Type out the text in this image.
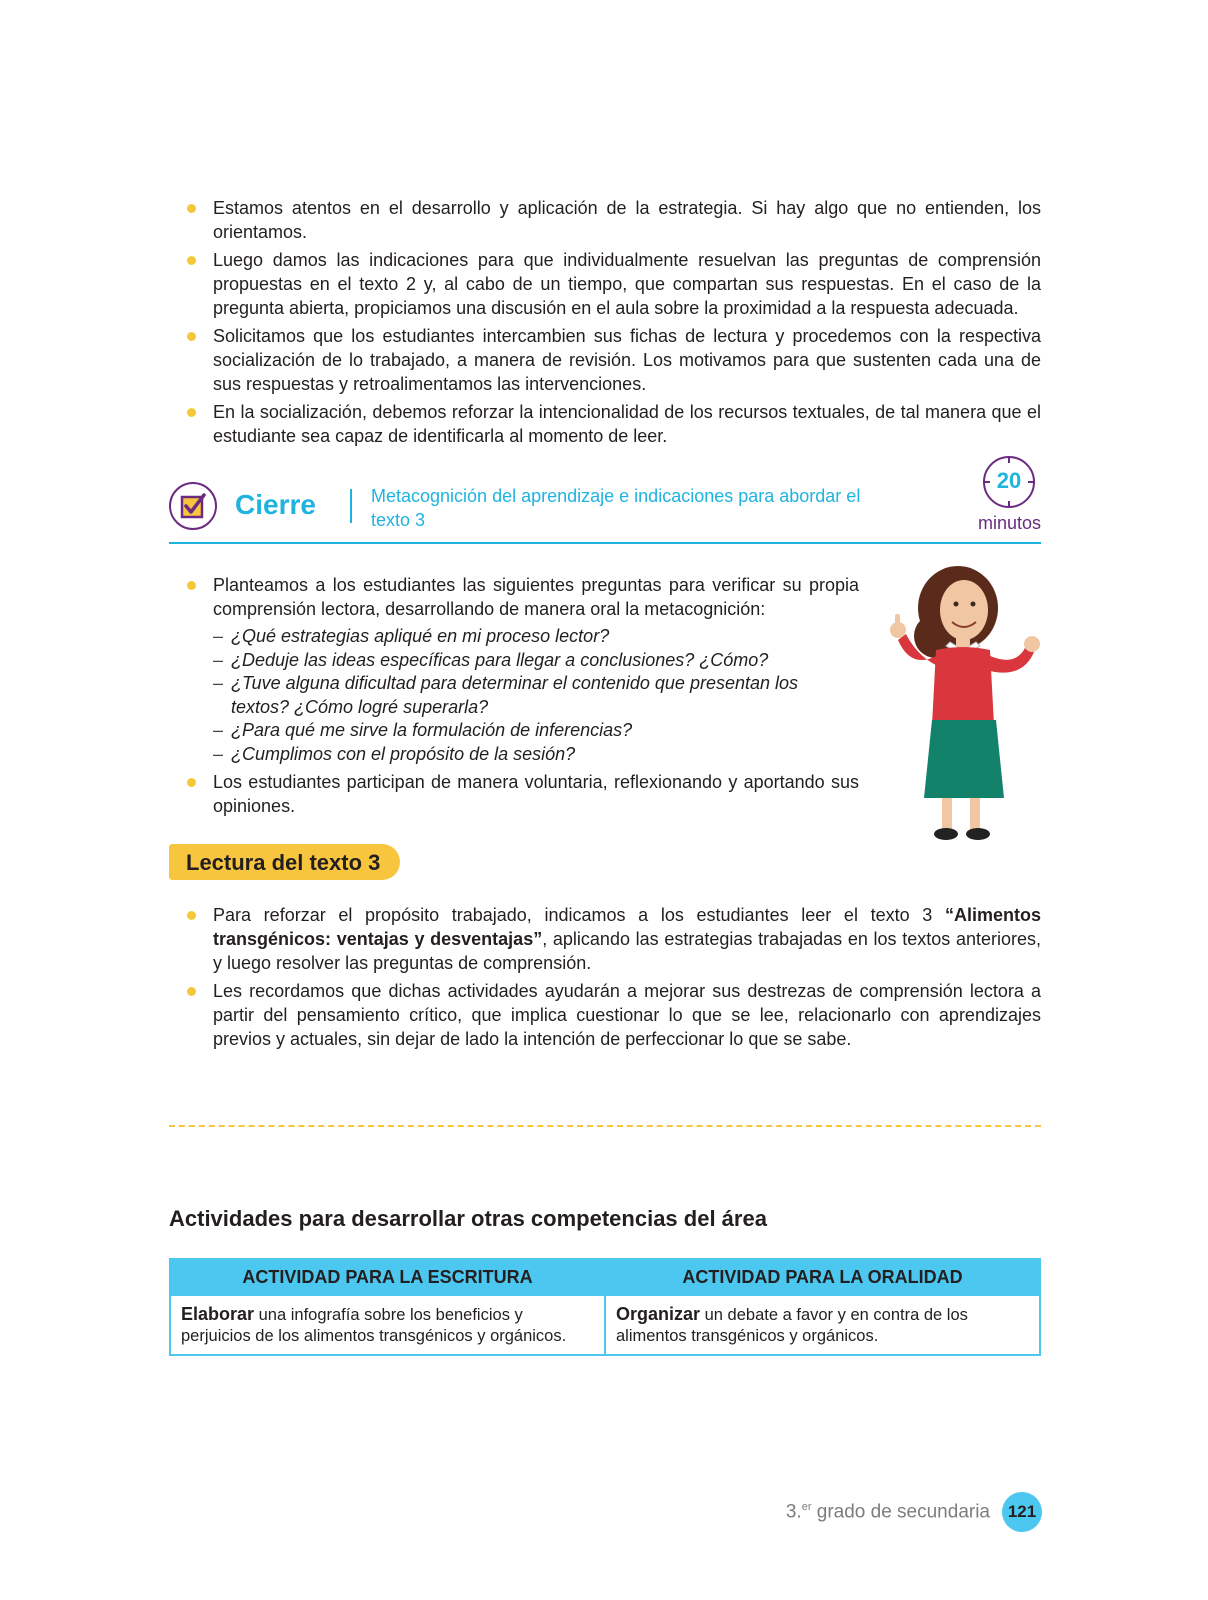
Estamos atentos en el desarrollo y aplicación de la estrategia. Si hay algo que no entienden, los orientamos.
Luego damos las indicaciones para que individualmente resuelvan las preguntas de comprensión propuestas en el texto 2 y, al cabo de un tiempo, que compartan sus respuestas. En el caso de la pregunta abierta, propiciamos una discusión en el aula sobre la proximidad a la respuesta adecuada.
Solicitamos que los estudiantes intercambien sus fichas de lectura y procedemos con la respectiva socialización de lo trabajado, a manera de revisión. Los motivamos para que sustenten cada una de sus respuestas y retroalimentamos las intervenciones.
En la socialización, debemos reforzar la intencionalidad de los recursos textuales, de tal manera que el estudiante sea capaz de identificarla al momento de leer.
Cierre	Metacognición del aprendizaje e indicaciones para abordar el texto 3
20
minutos
Planteamos a los estudiantes las siguientes preguntas para verificar su propia comprensión lectora, desarrollando de manera oral la metacognición:
– ¿Qué estrategias apliqué en mi proceso lector?
– ¿Deduje las ideas específicas para llegar a conclusiones? ¿Cómo?
– ¿Tuve alguna dificultad para determinar el contenido que presentan los textos? ¿Cómo logré superarla?
– ¿Para qué me sirve la formulación de inferencias?
– ¿Cumplimos con el propósito de la sesión?
Los estudiantes participan de manera voluntaria, reflexionando y aportando sus opiniones.
Lectura del texto 3
Para reforzar el propósito trabajado, indicamos a los estudiantes leer el texto 3 “Alimentos transgénicos: ventajas y desventajas”, aplicando las estrategias trabajadas en los textos anteriores, y luego resolver las preguntas de comprensión.
Les recordamos que dichas actividades ayudarán a mejorar sus destrezas de comprensión lectora a partir del pensamiento crítico, que implica cuestionar lo que se lee, relacionarlo con aprendizajes previos y actuales, sin dejar de lado la intención de perfeccionar lo que se sabe.
Actividades para desarrollar otras competencias del área
ACTIVIDAD PARA LA ESCRITURA	ACTIVIDAD PARA LA ORALIDAD
Elaborar una infografía sobre los beneficios y perjuicios de los alimentos transgénicos y orgánicos.	Organizar un debate a favor y en contra de los alimentos transgénicos y orgánicos.
3.$^{er}$ grado de secundaria	121
